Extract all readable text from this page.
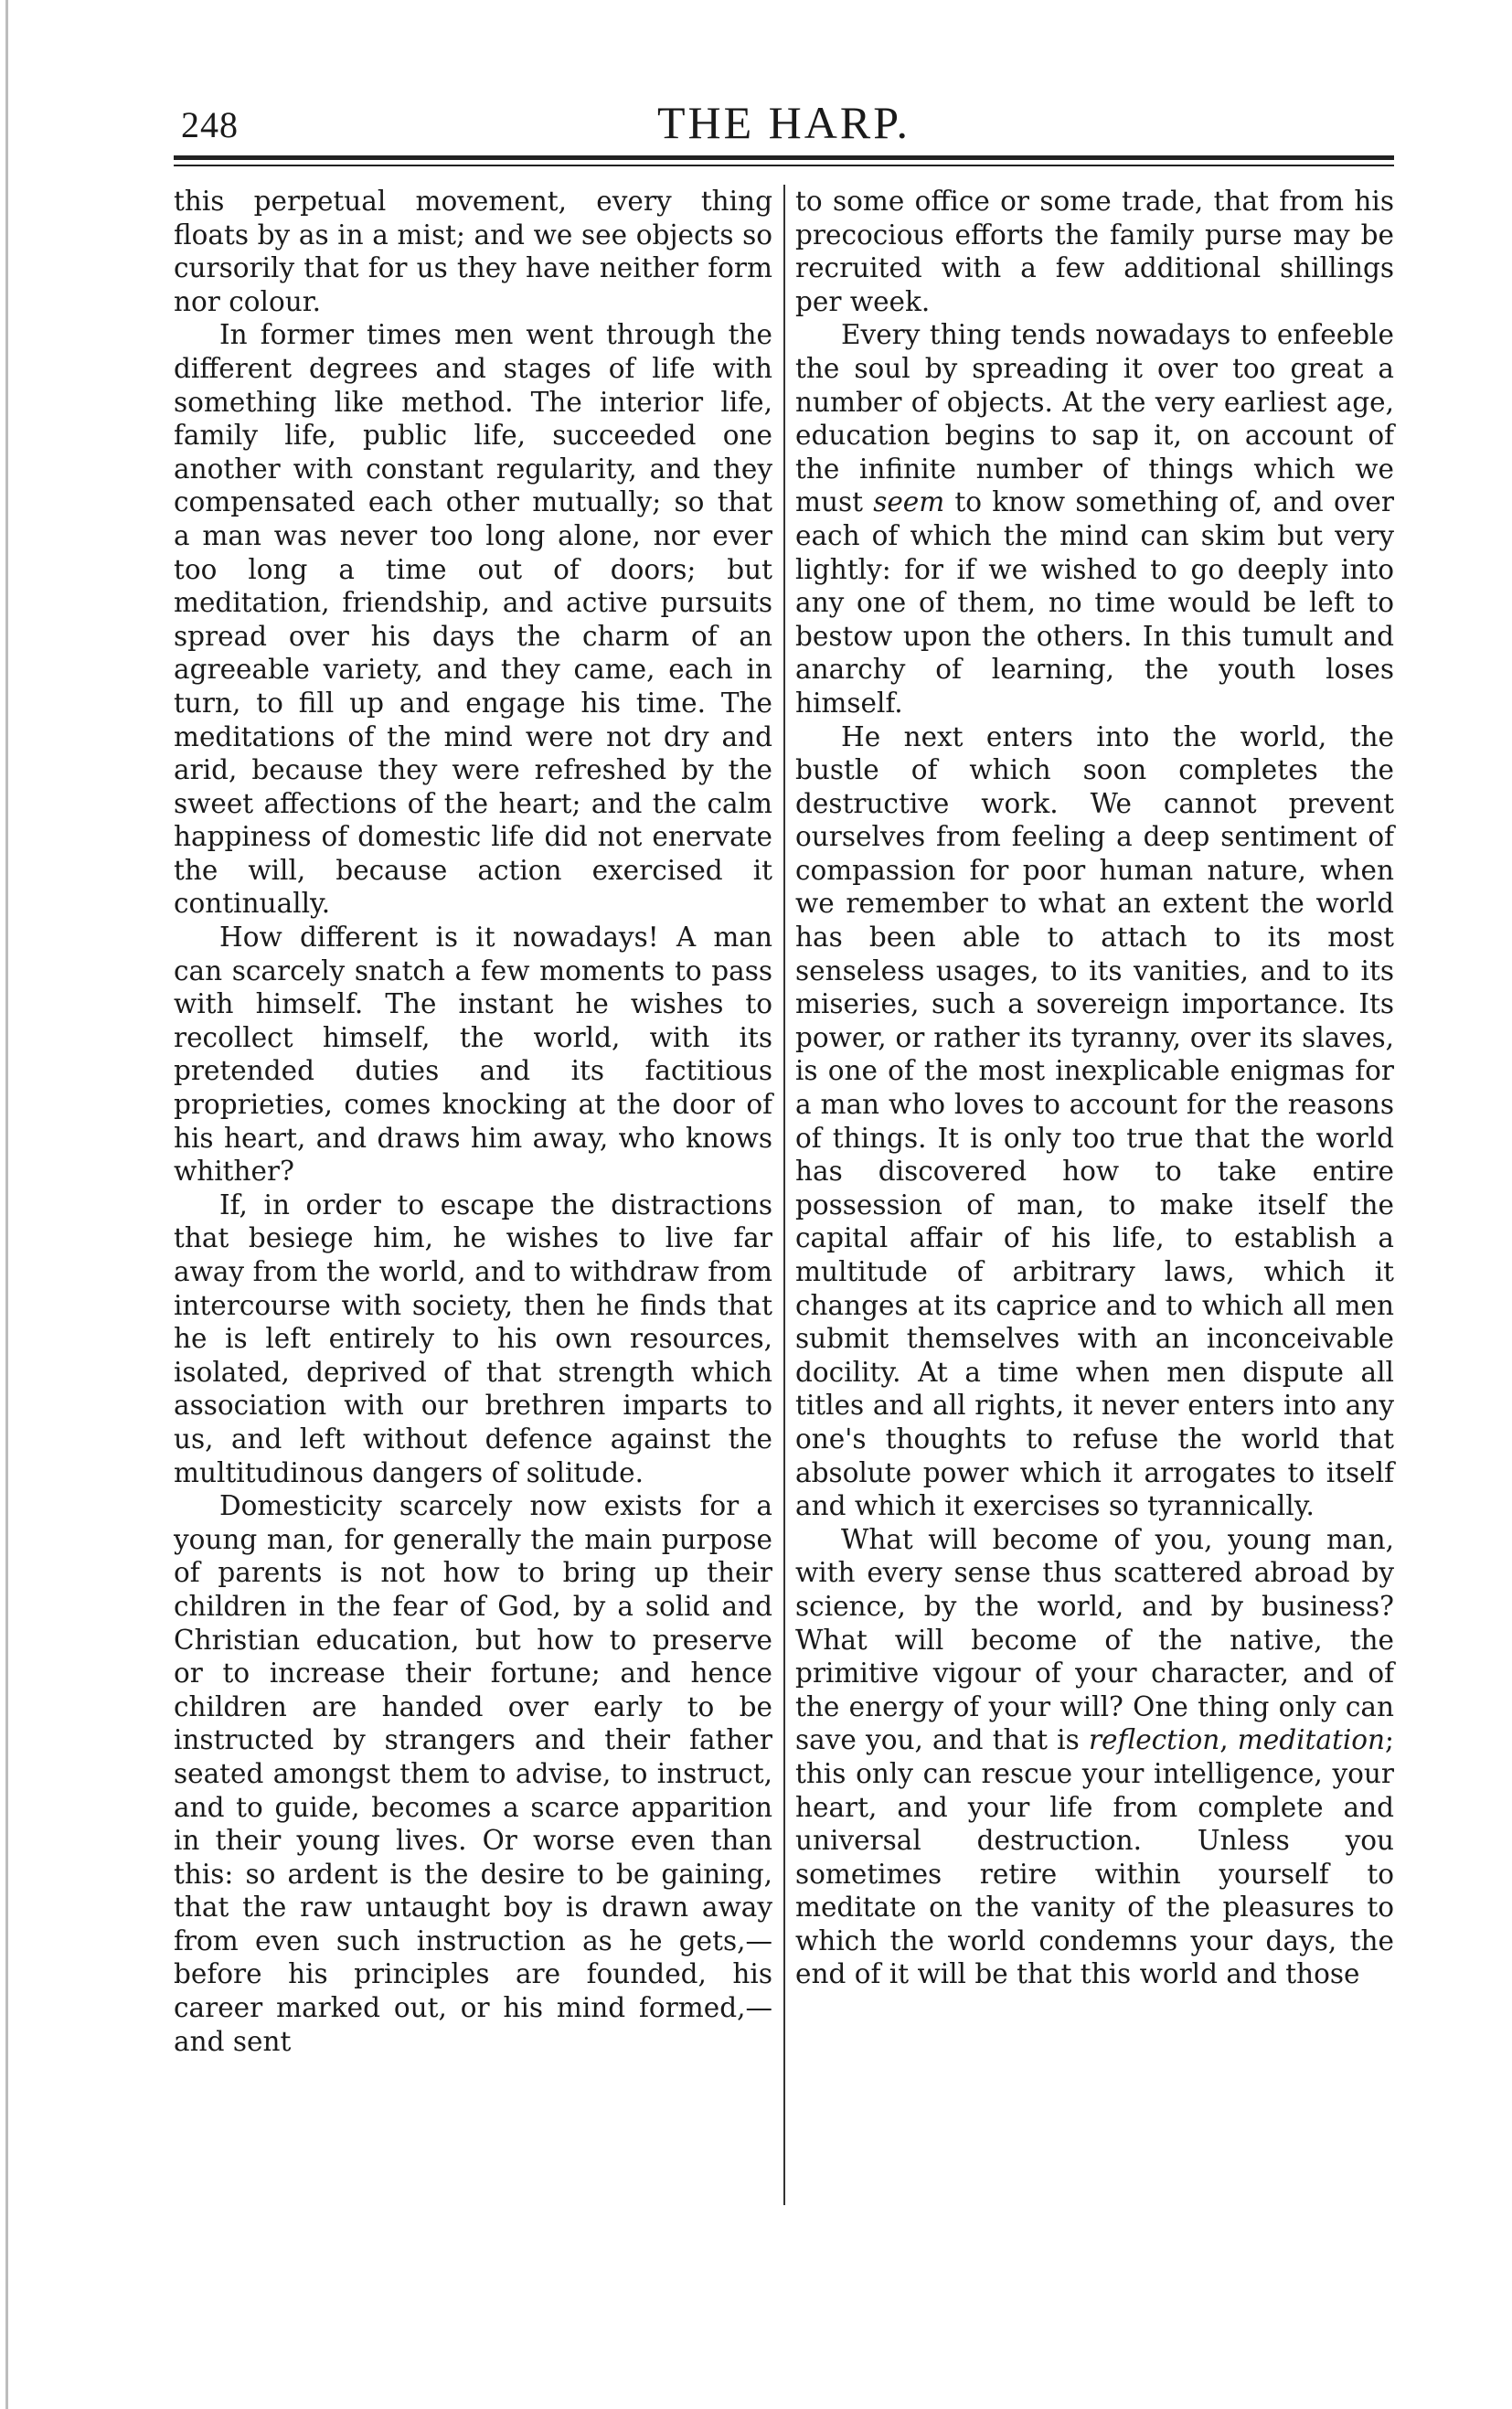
248	THE HARP.

this perpetual movement, every thing floats by as in a mist; and we see objects so cursorily that for us they have neither form nor colour.

In former times men went through the different degrees and stages of life with something like method. The interior life, family life, public life, succeeded one another with constant regularity, and they compensated each other mutually; so that a man was never too long alone, nor ever too long a time out of doors; but meditation, friendship, and active pursuits spread over his days the charm of an agreeable variety, and they came, each in turn, to fill up and engage his time. The meditations of the mind were not dry and arid, because they were refreshed by the sweet affections of the heart; and the calm happiness of domestic life did not enervate the will, because action exercised it continually.

How different is it nowadays! A man can scarcely snatch a few moments to pass with himself. The instant he wishes to recollect himself, the world, with its pretended duties and its factitious proprieties, comes knocking at the door of his heart, and draws him away, who knows whither?

If, in order to escape the distractions that besiege him, he wishes to live far away from the world, and to withdraw from intercourse with society, then he finds that he is left entirely to his own resources, isolated, deprived of that strength which association with our brethren imparts to us, and left without defence against the multitudinous dangers of solitude.

Domesticity scarcely now exists for a young man, for generally the main purpose of parents is not how to bring up their children in the fear of God, by a solid and Christian education, but how to preserve or to increase their fortune; and hence children are handed over early to be instructed by strangers and their father seated amongst them to advise, to instruct, and to guide, becomes a scarce apparition in their young lives. Or worse even than this: so ardent is the desire to be gaining, that the raw untaught boy is drawn away from even such instruction as he gets,—before his principles are founded, his career marked out, or his mind formed,—and sent

to some office or some trade, that from his precocious efforts the family purse may be recruited with a few additional shillings per week.

Every thing tends nowadays to enfeeble the soul by spreading it over too great a number of objects. At the very earliest age, education begins to sap it, on account of the infinite number of things which we must seem to know something of, and over each of which the mind can skim but very lightly: for if we wished to go deeply into any one of them, no time would be left to bestow upon the others. In this tumult and anarchy of learning, the youth loses himself.

He next enters into the world, the bustle of which soon completes the destructive work. We cannot prevent ourselves from feeling a deep sentiment of compassion for poor human nature, when we remember to what an extent the world has been able to attach to its most senseless usages, to its vanities, and to its miseries, such a sovereign importance. Its power, or rather its tyranny, over its slaves, is one of the most inexplicable enigmas for a man who loves to account for the reasons of things. It is only too true that the world has discovered how to take entire possession of man, to make itself the capital affair of his life, to establish a multitude of arbitrary laws, which it changes at its caprice and to which all men submit themselves with an inconceivable docility. At a time when men dispute all titles and all rights, it never enters into any one's thoughts to refuse the world that absolute power which it arrogates to itself and which it exercises so tyrannically.

What will become of you, young man, with every sense thus scattered abroad by science, by the world, and by business? What will become of the native, the primitive vigour of your character, and of the energy of your will? One thing only can save you, and that is reflection, meditation; this only can rescue your intelligence, your heart, and your life from complete and universal destruction. Unless you sometimes retire within yourself to meditate on the vanity of the pleasures to which the world condemns your days, the end of it will be that this world and those
